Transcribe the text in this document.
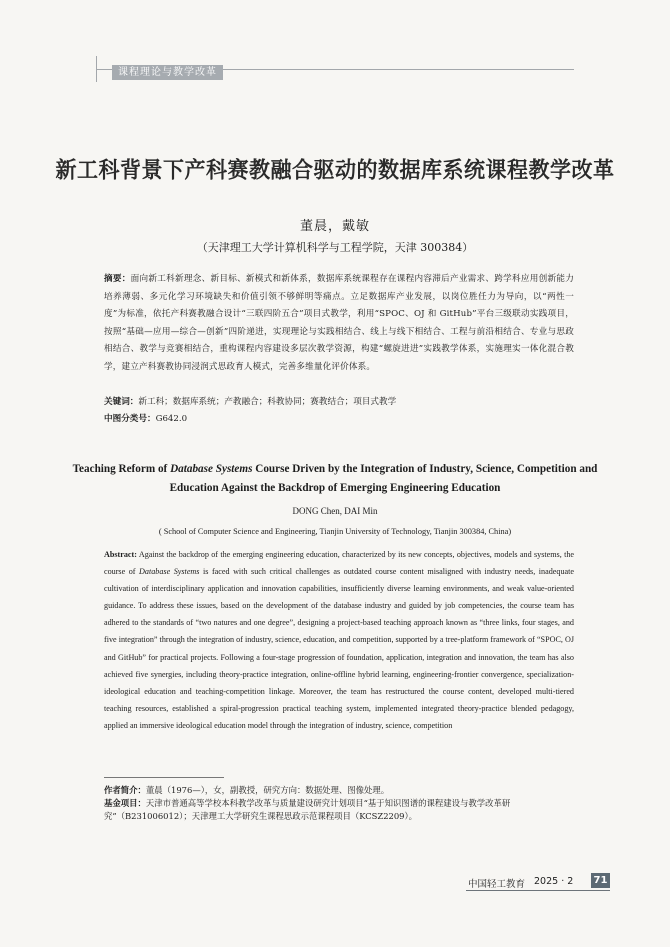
课程理论与教学改革
新工科背景下产科赛教融合驱动的数据库系统课程教学改革
董晨，戴敏
（天津理工大学计算机科学与工程学院，天津 300384）
摘要：面向新工科新理念、新目标、新模式和新体系，数据库系统课程存在课程内容滞后产业需求、跨学科应用创新能力培养薄弱、多元化学习环境缺失和价值引领不够鲜明等痛点。立足数据库产业发展，以岗位胜任力为导向，以“两性一度”为标准，依托产科赛教融合设计“三联四阶五合”项目式教学，利用“SPOC、OJ 和 GitHub”平台三级联动实践项目，按照“基础—应用—综合—创新”四阶递进，实现理论与实践相结合、线上与线下相结合、工程与前沿相结合、专业与思政相结合、教学与竞赛相结合，重构课程内容建设多层次教学资源，构建“螺旋进进”实践教学体系，实施理实一体化混合教学，建立产科赛教协同浸润式思政育人模式，完善多维量化评价体系。
关键词：新工科；数据库系统；产教融合；科教协同；赛教结合；项目式教学
中图分类号：G642.0
Teaching Reform of Database Systems Course Driven by the Integration of Industry, Science, Competition and Education Against the Backdrop of Emerging Engineering Education
DONG Chen, DAI Min
( School of Computer Science and Engineering, Tianjin University of Technology, Tianjin 300384, China)
Abstract: Against the backdrop of the emerging engineering education, characterized by its new concepts, objectives, models and systems, the course of Database Systems is faced with such critical challenges as outdated course content misaligned with industry needs, inadequate cultivation of interdisciplinary application and innovation capabilities, insufficiently diverse learning environments, and weak value-oriented guidance. To address these issues, based on the development of the database industry and guided by job competencies, the course team has adhered to the standards of “two natures and one degree”, designing a project-based teaching approach known as “three links, four stages, and five integration” through the integration of industry, science, education, and competition, supported by a tree-platform framework of “SPOC, OJ and GitHub” for practical projects. Following a four-stage progression of foundation, application, integration and innovation, the team has also achieved five synergies, including theory-practice integration, online-offline hybrid learning, engineering-frontier convergence, specialization-ideological education and teaching-competition linkage. Moreover, the team has restructured the course content, developed multi-tiered teaching resources, established a spiral-progression practical teaching system, implemented integrated theory-practice blended pedagogy, applied an immersive ideological education model through the integration of industry, science, competition
作者简介：董晨（1976—），女，副教授，研究方向：数据处理、图像处理。
基金项目：天津市普通高等学校本科教学改革与质量建设研究计划项目“基于知识图谱的课程建设与教学改革研究”（B231006012）；天津理工大学研究生课程思政示范课程项目（KCSZ2209）。
中国轻工教育 2025 · 2 71
